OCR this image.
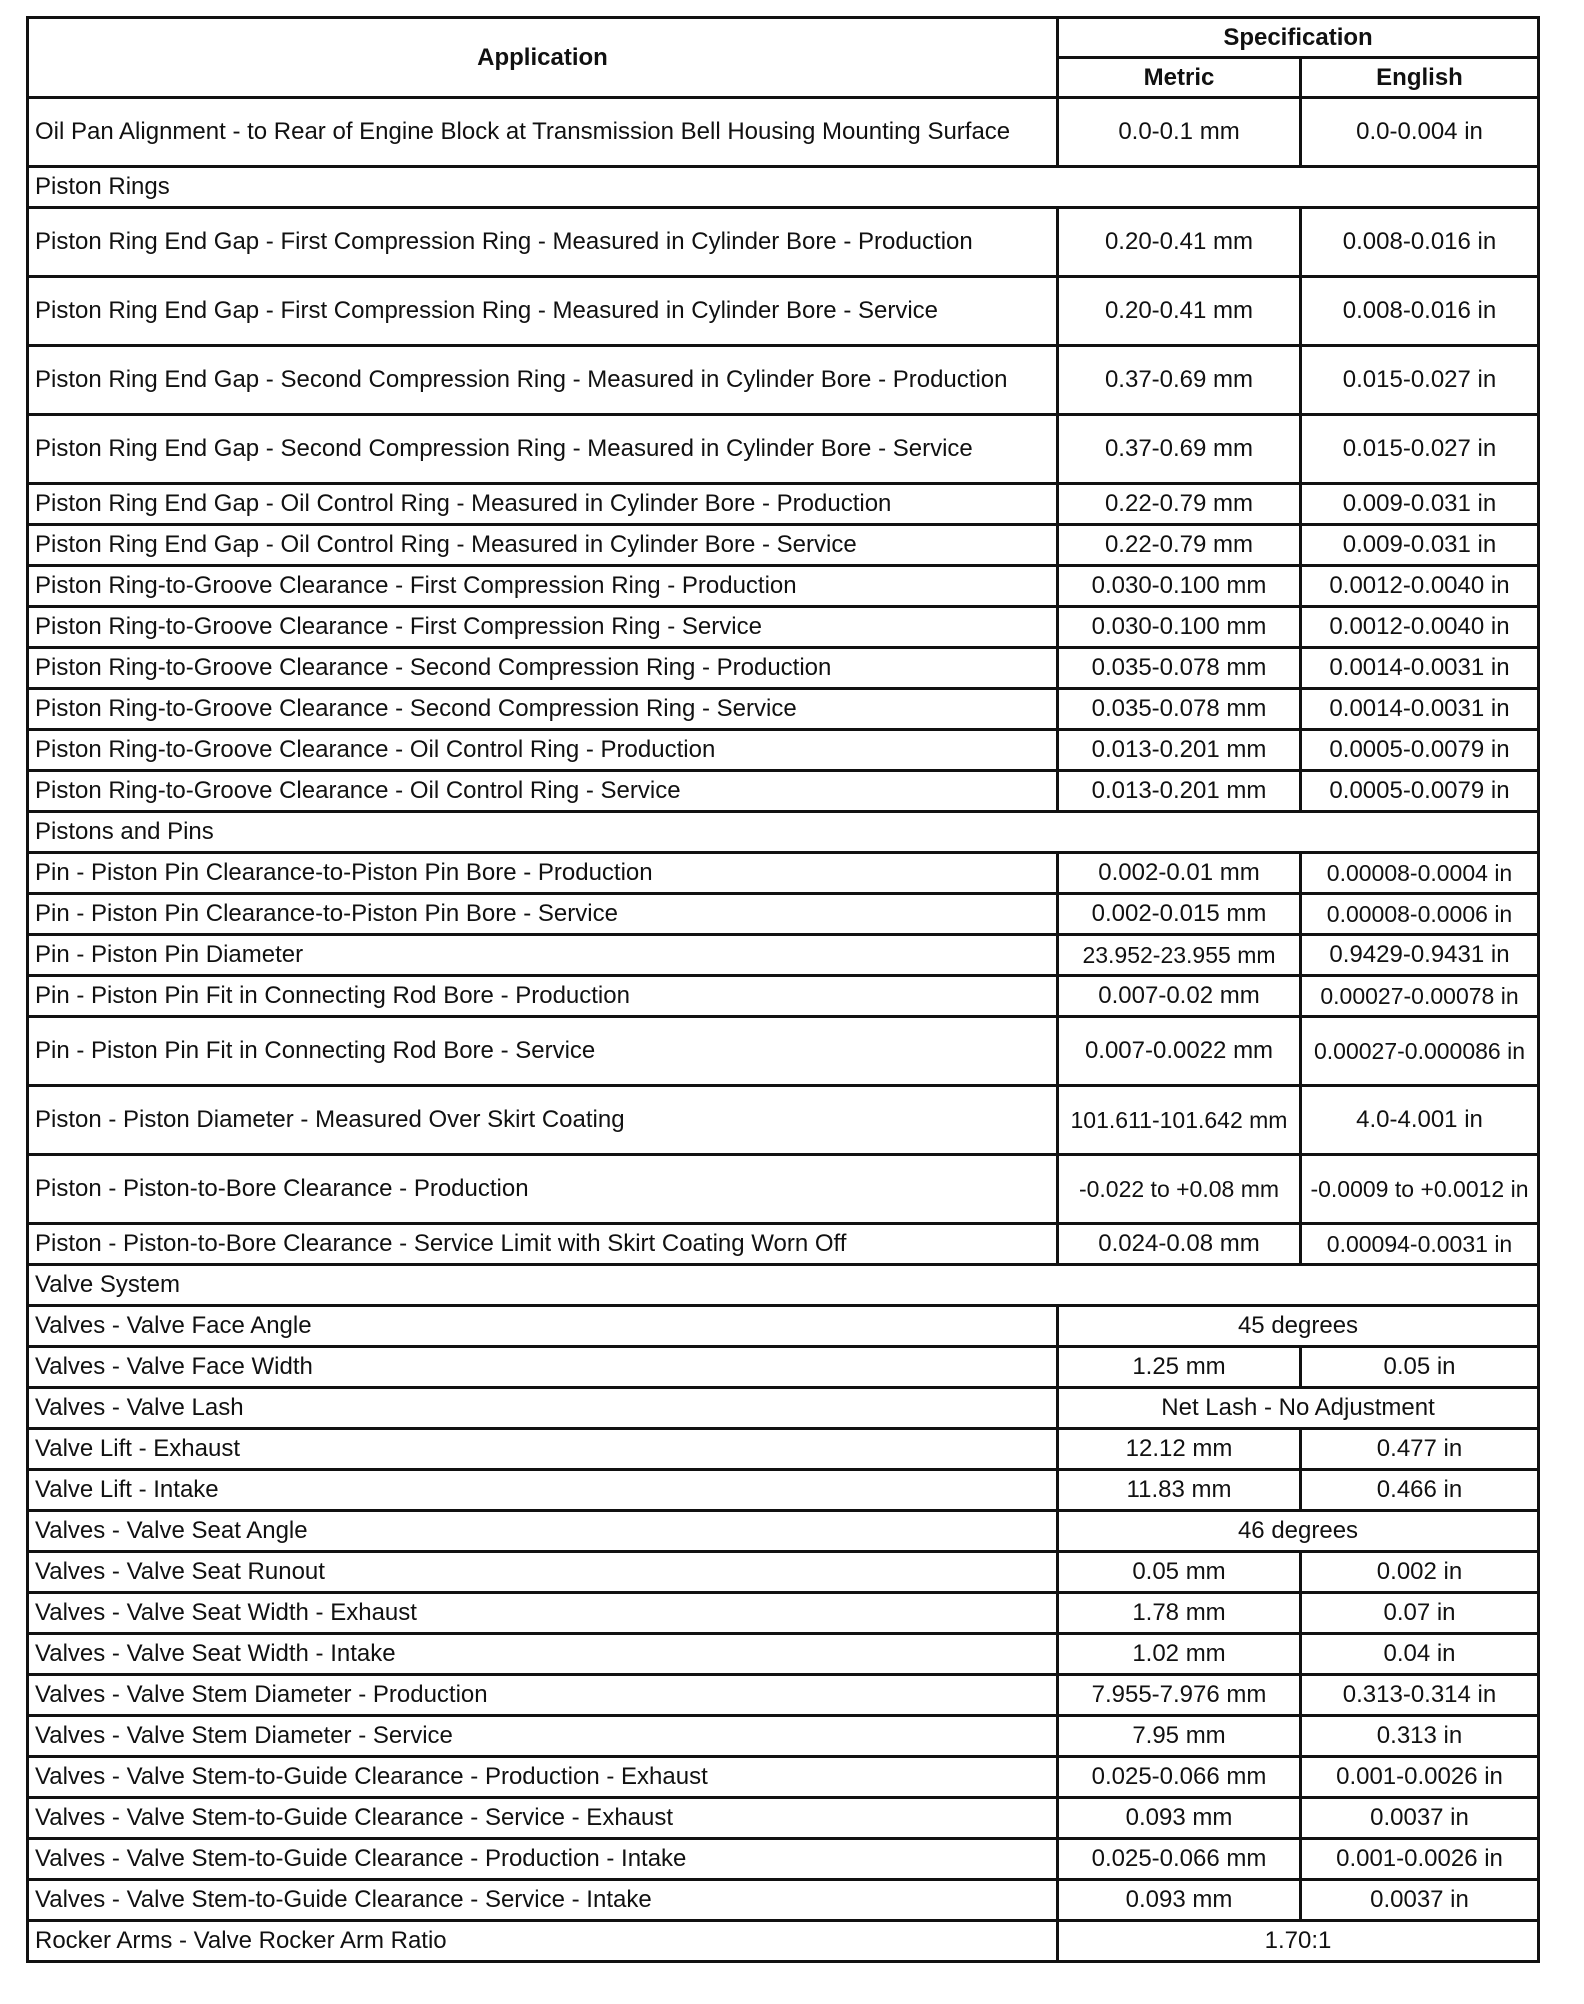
Application	Specification	
	Metric	English
Oil Pan Alignment - to Rear of Engine Block at Transmission Bell Housing Mounting Surface	0.0-0.1 mm	0.0-0.004 in
Piston Rings		
Piston Ring End Gap - First Compression Ring - Measured in Cylinder Bore - Production	0.20-0.41 mm	0.008-0.016 in
Piston Ring End Gap - First Compression Ring - Measured in Cylinder Bore - Service	0.20-0.41 mm	0.008-0.016 in
Piston Ring End Gap - Second Compression Ring - Measured in Cylinder Bore - Production	0.37-0.69 mm	0.015-0.027 in
Piston Ring End Gap - Second Compression Ring - Measured in Cylinder Bore - Service	0.37-0.69 mm	0.015-0.027 in
Piston Ring End Gap - Oil Control Ring - Measured in Cylinder Bore - Production	0.22-0.79 mm	0.009-0.031 in
Piston Ring End Gap - Oil Control Ring - Measured in Cylinder Bore - Service	0.22-0.79 mm	0.009-0.031 in
Piston Ring-to-Groove Clearance - First Compression Ring - Production	0.030-0.100 mm	0.0012-0.0040 in
Piston Ring-to-Groove Clearance - First Compression Ring - Service	0.030-0.100 mm	0.0012-0.0040 in
Piston Ring-to-Groove Clearance - Second Compression Ring - Production	0.035-0.078 mm	0.0014-0.0031 in
Piston Ring-to-Groove Clearance - Second Compression Ring - Service	0.035-0.078 mm	0.0014-0.0031 in
Piston Ring-to-Groove Clearance - Oil Control Ring - Production	0.013-0.201 mm	0.0005-0.0079 in
Piston Ring-to-Groove Clearance - Oil Control Ring - Service	0.013-0.201 mm	0.0005-0.0079 in
Pistons and Pins		
Pin - Piston Pin Clearance-to-Piston Pin Bore - Production	0.002-0.01 mm	0.00008-0.0004 in
Pin - Piston Pin Clearance-to-Piston Pin Bore - Service	0.002-0.015 mm	0.00008-0.0006 in
Pin - Piston Pin Diameter	23.952-23.955 mm	0.9429-0.9431 in
Pin - Piston Pin Fit in Connecting Rod Bore - Production	0.007-0.02 mm	0.00027-0.00078 in
Pin - Piston Pin Fit in Connecting Rod Bore - Service	0.007-0.0022 mm	0.00027-0.000086 in
Piston - Piston Diameter - Measured Over Skirt Coating	101.611-101.642 mm	4.0-4.001 in
Piston - Piston-to-Bore Clearance - Production	-0.022 to +0.08 mm	-0.0009 to +0.0012 in
Piston - Piston-to-Bore Clearance - Service Limit with Skirt Coating Worn Off	0.024-0.08 mm	0.00094-0.0031 in
Valve System		
Valves - Valve Face Angle	45 degrees	
Valves - Valve Face Width	1.25 mm	0.05 in
Valves - Valve Lash	Net Lash - No Adjustment	
Valve Lift - Exhaust	12.12 mm	0.477 in
Valve Lift - Intake	11.83 mm	0.466 in
Valves - Valve Seat Angle	46 degrees	
Valves - Valve Seat Runout	0.05 mm	0.002 in
Valves - Valve Seat Width - Exhaust	1.78 mm	0.07 in
Valves - Valve Seat Width - Intake	1.02 mm	0.04 in
Valves - Valve Stem Diameter - Production	7.955-7.976 mm	0.313-0.314 in
Valves - Valve Stem Diameter - Service	7.95 mm	0.313 in
Valves - Valve Stem-to-Guide Clearance - Production - Exhaust	0.025-0.066 mm	0.001-0.0026 in
Valves - Valve Stem-to-Guide Clearance - Service - Exhaust	0.093 mm	0.0037 in
Valves - Valve Stem-to-Guide Clearance - Production - Intake	0.025-0.066 mm	0.001-0.0026 in
Valves - Valve Stem-to-Guide Clearance - Service - Intake	0.093 mm	0.0037 in
Rocker Arms - Valve Rocker Arm Ratio	1.70:1	
